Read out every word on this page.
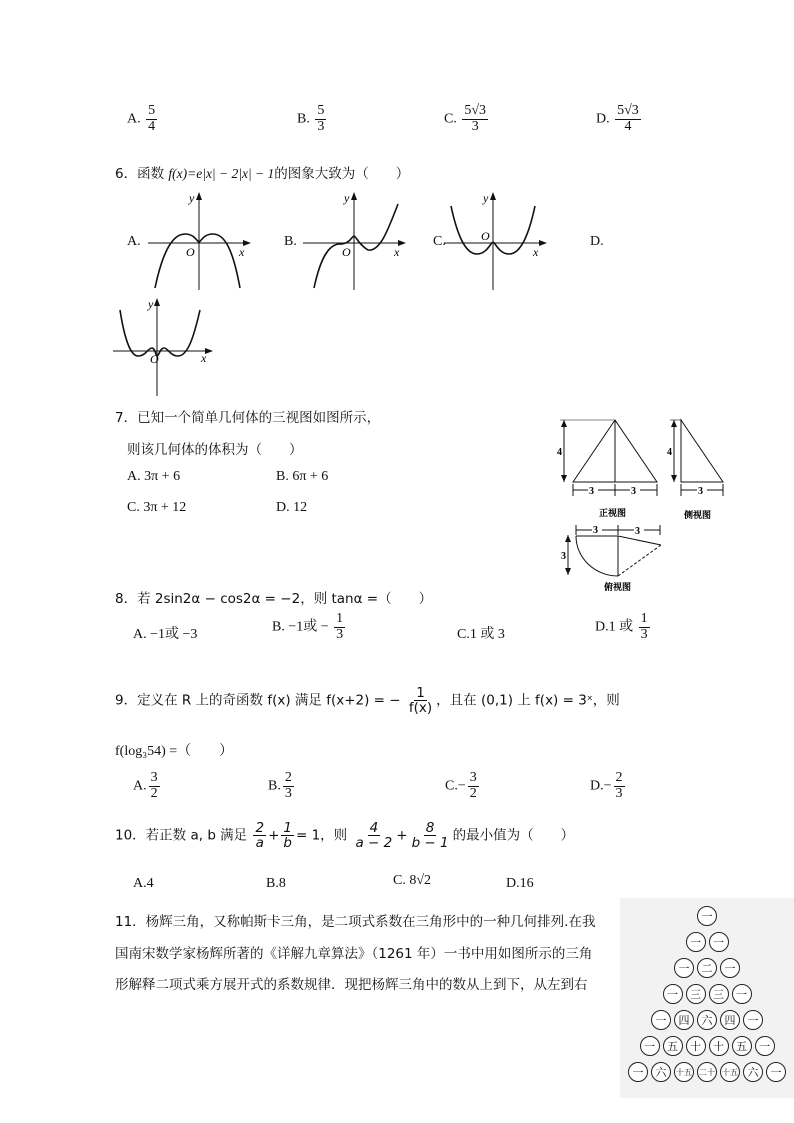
A. $\frac{5}{4}$	B. $\frac{5}{3}$	C. $\frac{5√3}{3}$	D. $\frac{5√3}{4}$
6．函数 f(x)=e|x| − 2|x| − 1的图象大致为（　　）
A.
y
x
O
B.
y
x
O
C.
y
x
O	D.
y
x
O
7．已知一个简单几何体的三视图如图所示，
则该几何体的体积为（　　）
A. 3π + 6	B. 6π + 6
C. 3π + 12	D. 12
4
3	3
正视图
4
3
侧视图
3	3
3
俯视图
8．若 2sin2α − cos2α = −2，则 tanα =（　　）
A. −1或 −3
B. −1或 − $\frac{1}{3}$	C.1 或 3
D.1 或 $\frac{1}{3}$
9．定义在 R 上的奇函数 f(x) 满足 f(x+2) = − $\frac{1}{f(x)}$ ，且在 (0,1) 上 f(x) = 3ˣ，则
f(log₃54) =（　　）
A. $\frac{3}{2}$	B. $\frac{2}{3}$	$C.- \frac{3}{2}$	$D.- \frac{2}{3}$
10．若正数 a, b 满足 $\frac{2}{a} + \frac{1}{b} = 1$，则 $\frac{4}{a - 2} + \frac{8}{b - 1}$ 的最小值为（　　）
A.4	B.8	C. 8√2	D.16
11．杨辉三角，又称帕斯卡三角，是二项式系数在三角形中的一种几何排列.在我
国南宋数学家杨辉所著的《详解九章算法》（1261 年）一书中用如图所示的三角
形解释二项式乘方展开式的系数规律．现把杨辉三角中的数从上到下，从左到右
一
一	一
一	二	一
一	三	三	一
一	四	六	四	一
一	五	十	十	五	一
一	六	十五 二十 十五 六	一
